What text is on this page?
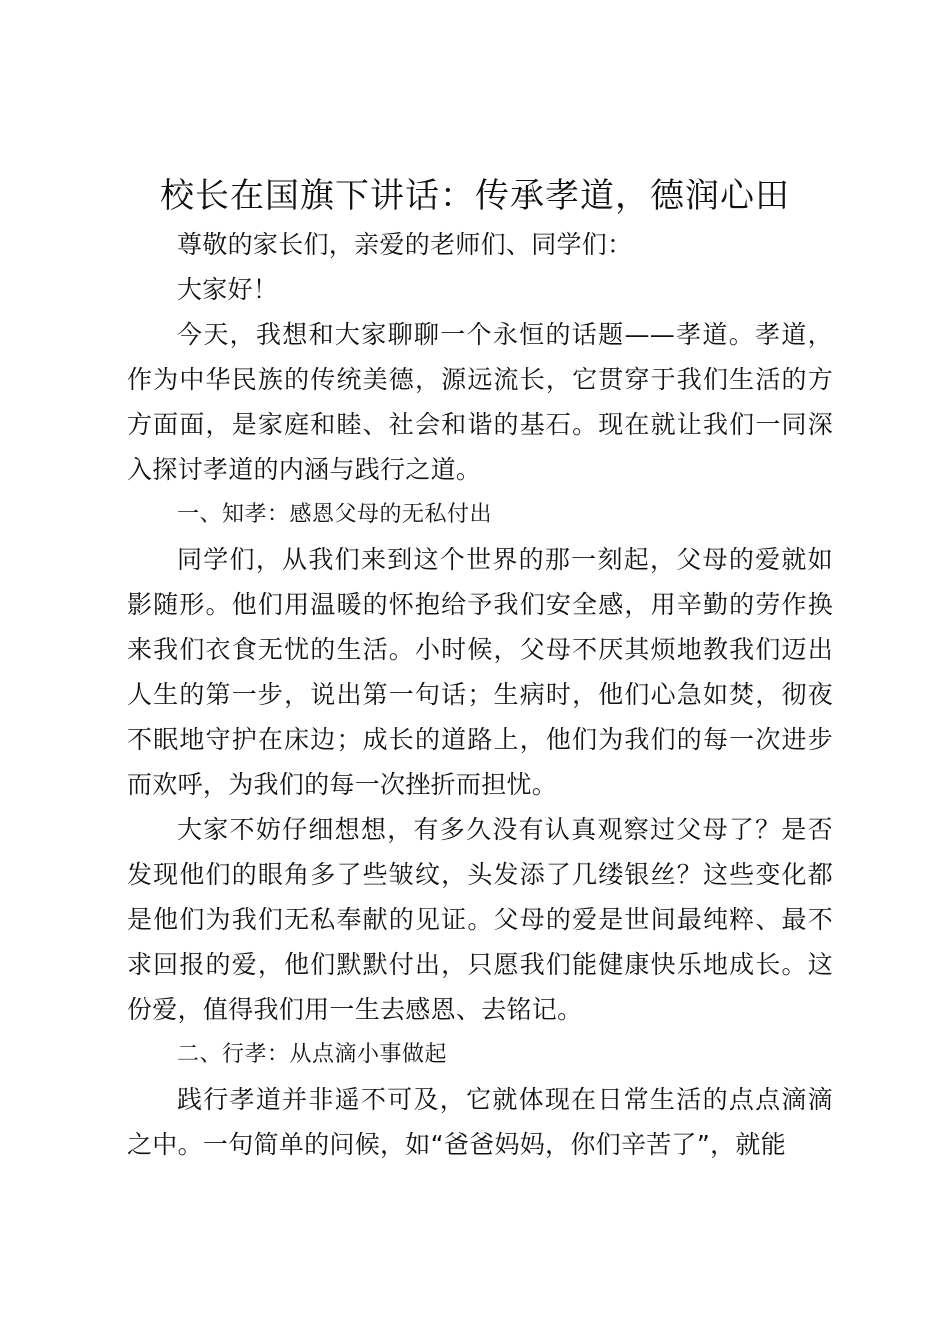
校长在国旗下讲话：传承孝道，德润心田

尊敬的家长们，亲爱的老师们、同学们：

大家好！

今天，我想和大家聊聊一个永恒的话题——孝道。孝道，作为中华民族的传统美德，源远流长，它贯穿于我们生活的方方面面，是家庭和睦、社会和谐的基石。现在就让我们一同深入探讨孝道的内涵与践行之道。

一、知孝：感恩父母的无私付出

同学们，从我们来到这个世界的那一刻起，父母的爱就如影随形。他们用温暖的怀抱给予我们安全感，用辛勤的劳作换来我们衣食无忧的生活。小时候，父母不厌其烦地教我们迈出人生的第一步，说出第一句话；生病时，他们心急如焚，彻夜不眠地守护在床边；成长的道路上，他们为我们的每一次进步而欢呼，为我们的每一次挫折而担忧。

大家不妨仔细想想，有多久没有认真观察过父母了？是否发现他们的眼角多了些皱纹，头发添了几缕银丝？这些变化都是他们为我们无私奉献的见证。父母的爱是世间最纯粹、最不求回报的爱，他们默默付出，只愿我们能健康快乐地成长。这份爱，值得我们用一生去感恩、去铭记。

二、行孝：从点滴小事做起

践行孝道并非遥不可及，它就体现在日常生活的点点滴滴之中。一句简单的问候，如“爸爸妈妈，你们辛苦了”，就能
